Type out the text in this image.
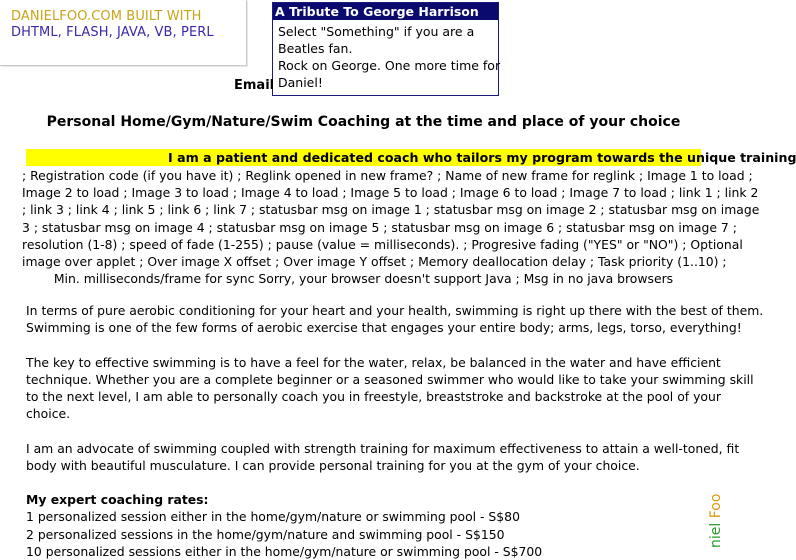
DANIELFOO.COM BUILT WITH
DHTML, FLASH, JAVA, VB, PERL
A Tribute To George Harrison
Select "Something" if you are a
Beatles fan.
Rock on George. One more time for
Daniel!
Email
Personal Home/Gym/Nature/Swim Coaching at the time and place of your choice
I am a patient and dedicated coach who tailors my program towards the unique training
; Registration code (if you have it) ; Reglink opened in new frame? ; Name of new frame for reglink ; Image 1 to load ;
Image 2 to load ; Image 3 to load ; Image 4 to load ; Image 5 to load ; Image 6 to load ; Image 7 to load ; link 1 ; link 2
; link 3 ; link 4 ; link 5 ; link 6 ; link 7 ; statusbar msg on image 1 ; statusbar msg on image 2 ; statusbar msg on image
3 ; statusbar msg on image 4 ; statusbar msg on image 5 ; statusbar msg on image 6 ; statusbar msg on image 7 ;
resolution (1-8) ; speed of fade (1-255) ; pause (value = milliseconds). ; Progresive fading ("YES" or "NO") ; Optional
image over applet ; Over image X offset ; Over image Y offset ; Memory deallocation delay ; Task priority (1..10) ;
Min. milliseconds/frame for sync Sorry, your browser doesn't support Java ; Msg in no java browsers
In terms of pure aerobic conditioning for your heart and your health, swimming is right up there with the best of them.
Swimming is one of the few forms of aerobic exercise that engages your entire body; arms, legs, torso, everything!
The key to effective swimming is to have a feel for the water, relax, be balanced in the water and have efficient
technique. Whether you are a complete beginner or a seasoned swimmer who would like to take your swimming skill
to the next level, I am able to personally coach you in freestyle, breaststroke and backstroke at the pool of your
choice.
I am an advocate of swimming coupled with strength training for maximum effectiveness to attain a well-toned, fit
body with beautiful musculature. I can provide personal training for you at the gym of your choice.
My expert coaching rates:
1 personalized session either in the home/gym/nature or swimming pool - S$80
2 personalized sessions in the home/gym/nature and swimming pool - S$150
10 personalized sessions either in the home/gym/nature or swimming pool - S$700
niel Foo
